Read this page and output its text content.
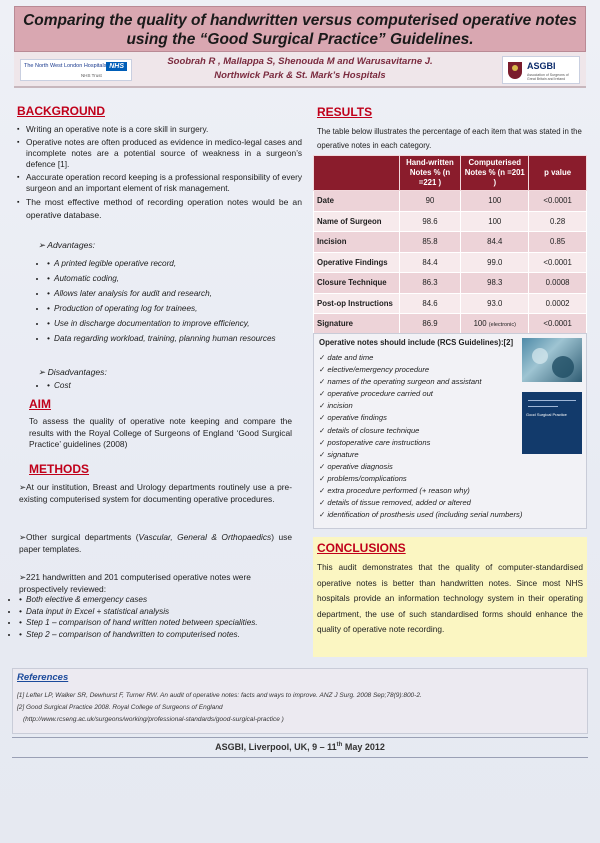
Comparing the quality of handwritten versus computerised operative notes
using the “Good Surgical Practice” Guidelines.
The North West London Hospitals NHS
NHS Trust
Soobrah R , Mallappa S, Shenouda M and Warusavitarne J.
Northwick Park & St. Mark’s Hospitals
ASGBI
Association of Surgeons of Great Britain and Ireland
BACKGROUND
▪ Writing an operative note is a core skill in surgery.
▪ Operative notes are often produced as evidence in medico-legal cases and incomplete notes are a potential source of weakness in a surgeon’s defence [1].
▪ Aaccurate operation record keeping is a professional responsibility of every surgeon and an important element of risk management.
▪ The most effective method of recording operation notes would be an operative database.
➢ Advantages:
• • A printed legible operative record,
• • Automatic coding,
• • Allows later analysis for audit and research,
• • Production of operating log for trainees,
• • Use in discharge documentation to improve efficiency,
• • Data regarding workload, training, planning human resources
➢ Disadvantages:
• • Cost
AIM
To assess the quality of operative note keeping and compare the results with the Royal College of Surgeons of England ‘Good Surgical Practice’ guidelines (2008)
METHODS
➢At our institution, Breast and Urology departments routinely use a pre-existing computerised system for documenting operative procedures.
➢Other surgical departments (Vascular, General & Orthopaedics) use paper templates.
➢221 handwritten and 201 computerised operative notes were prospectively reviewed:
• • Both elective & emergency cases
• • Data input in Excel + statistical analysis
• • Step 1 – comparison of hand written noted between specialities.
• • Step 2 – comparison of handwritten to computerised notes.
RESULTS
The table below illustrates the percentage of each item that was stated in the operative notes in each category.
	Hand-written Notes % (n =221 )	Computerised Notes % (n =201 )	p value
Date	90	100	<0.0001
Name of Surgeon	98.6	100	0.28
Incision	85.8	84.4	0.85
Operative Findings	84.4	99.0	<0.0001
Closure Technique	86.3	98.3	0.0008
Post-op Instructions	84.6	93.0	0.0002
Signature	86.9	100 (electronic)	<0.0001
Operative notes should include (RCS Guidelines):[2]
✓ date and time
✓ elective/emergency procedure
✓ names of the operating surgeon and assistant
✓ operative procedure carried out
✓ incision
✓ operative findings
✓ details of closure technique
✓ postoperative care instructions
✓ signature
✓ operative diagnosis
✓ problems/complications
✓ extra procedure performed (+ reason why)
✓ details of tissue removed, added or altered
✓ identification of prosthesis used (including serial numbers)
Good Surgical Practice
CONCLUSIONS
This audit demonstrates that the quality of computer-standardised operative notes is better than handwritten notes. Since most NHS hospitals provide an information technology system in their operating department, the use of such standardised forms should enhance the quality of operative note recording.
References
[1] Lefter LP, Walker SR, Dewhurst F, Turner RW. An audit of operative notes: facts and ways to improve. ANZ J Surg. 2008 Sep;78(9):800-2.
[2] Good Surgical Practice 2008. Royal College of Surgeons of England
(http://www.rcseng.ac.uk/surgeons/working/professional-standards/good-surgical-practice )
ASGBI, Liverpool, UK, 9 – 11th May 2012
